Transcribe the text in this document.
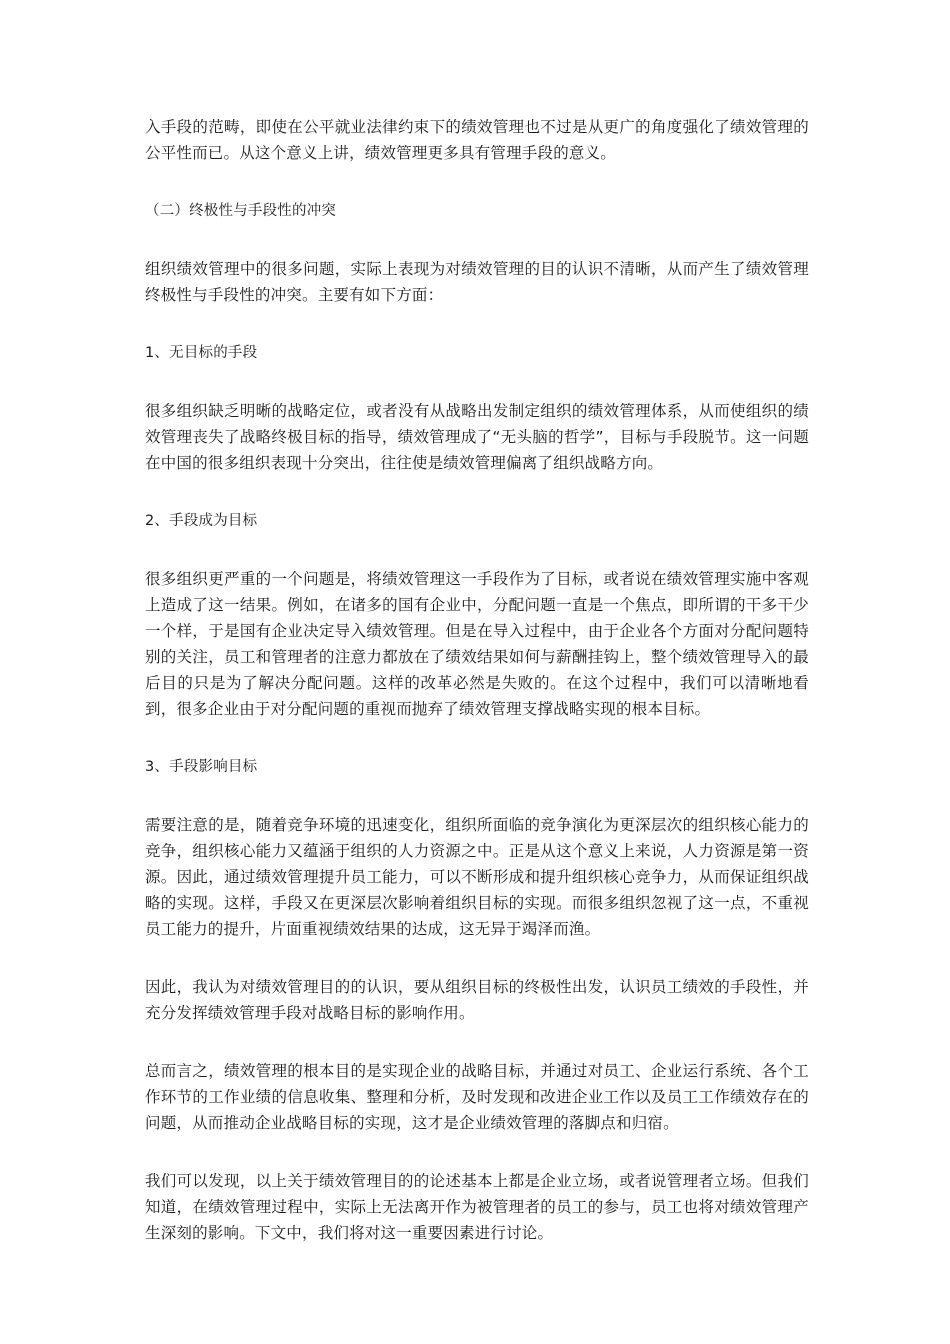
入手段的范畴，即使在公平就业法律约束下的绩效管理也不过是从更广的角度强化了绩效管理的公平性而已。从这个意义上讲，绩效管理更多具有管理手段的意义。

（二）终极性与手段性的冲突

组织绩效管理中的很多问题，实际上表现为对绩效管理的目的认识不清晰，从而产生了绩效管理终极性与手段性的冲突。主要有如下方面：

1、无目标的手段

很多组织缺乏明晰的战略定位，或者没有从战略出发制定组织的绩效管理体系，从而使组织的绩效管理丧失了战略终极目标的指导，绩效管理成了“无头脑的哲学”，目标与手段脱节。这一问题在中国的很多组织表现十分突出，往往使是绩效管理偏离了组织战略方向。

2、手段成为目标

很多组织更严重的一个问题是，将绩效管理这一手段作为了目标，或者说在绩效管理实施中客观上造成了这一结果。例如，在诸多的国有企业中，分配问题一直是一个焦点，即所谓的干多干少一个样，于是国有企业决定导入绩效管理。但是在导入过程中，由于企业各个方面对分配问题特别的关注，员工和管理者的注意力都放在了绩效结果如何与薪酬挂钩上，整个绩效管理导入的最后目的只是为了解决分配问题。这样的改革必然是失败的。在这个过程中，我们可以清晰地看到，很多企业由于对分配问题的重视而抛弃了绩效管理支撑战略实现的根本目标。

3、手段影响目标

需要注意的是，随着竞争环境的迅速变化，组织所面临的竞争演化为更深层次的组织核心能力的竞争，组织核心能力又蕴涵于组织的人力资源之中。正是从这个意义上来说，人力资源是第一资源。因此，通过绩效管理提升员工能力，可以不断形成和提升组织核心竞争力，从而保证组织战略的实现。这样，手段又在更深层次影响着组织目标的实现。而很多组织忽视了这一点，不重视员工能力的提升，片面重视绩效结果的达成，这无异于竭泽而渔。

因此，我认为对绩效管理目的的认识，要从组织目标的终极性出发，认识员工绩效的手段性，并充分发挥绩效管理手段对战略目标的影响作用。

总而言之，绩效管理的根本目的是实现企业的战略目标，并通过对员工、企业运行系统、各个工作环节的工作业绩的信息收集、整理和分析，及时发现和改进企业工作以及员工工作绩效存在的问题，从而推动企业战略目标的实现，这才是企业绩效管理的落脚点和归宿。

我们可以发现，以上关于绩效管理目的的论述基本上都是企业立场，或者说管理者立场。但我们知道，在绩效管理过程中，实际上无法离开作为被管理者的员工的参与，员工也将对绩效管理产生深刻的影响。下文中，我们将对这一重要因素进行讨论。
